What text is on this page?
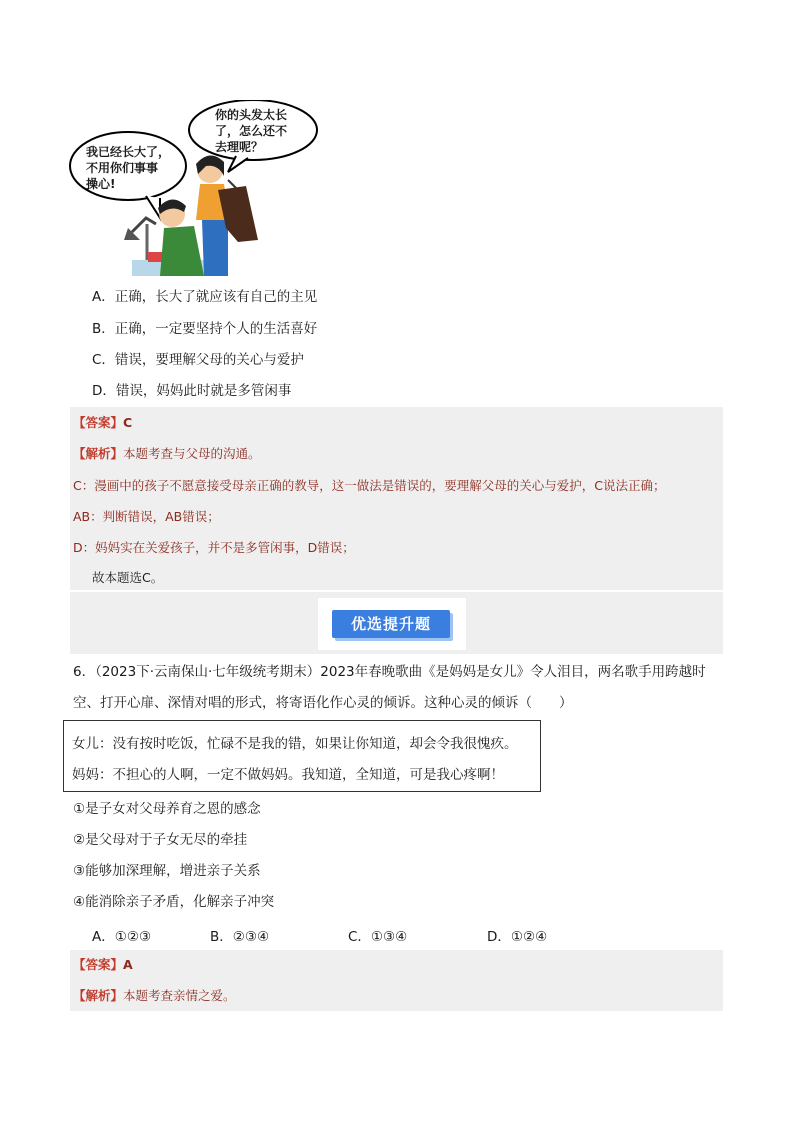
我已经长大了，
不用你们事事
操心!
你的头发太长
了，怎么还不
去理呢？
A．正确，长大了就应该有自己的主见
B．正确，一定要坚持个人的生活喜好
C．错误，要理解父母的关心与爱护
D．错误，妈妈此时就是多管闲事
【答案】C
【解析】本题考查与父母的沟通。
C：漫画中的孩子不愿意接受母亲正确的教导，这一做法是错误的，要理解父母的关心与爱护，C说法正确；
AB：判断错误，AB错误；
D：妈妈实在关爱孩子，并不是多管闲事，D错误；
故本题选C。
优选提升题
6．（2023下·云南保山·七年级统考期末）2023年春晚歌曲《是妈妈是女儿》令人泪目，两名歌手用跨越时
空、打开心扉、深情对唱的形式，将寄语化作心灵的倾诉。这种心灵的倾诉（　　）
女儿：没有按时吃饭，忙碌不是我的错，如果让你知道，却会令我很愧疚。
妈妈：不担心的人啊，一定不做妈妈。我知道，全知道，可是我心疼啊！
①是子女对父母养育之恩的感念
②是父母对于子女无尽的牵挂
③能够加深理解，增进亲子关系
④能消除亲子矛盾，化解亲子冲突
A．①②③	B．②③④	C．①③④	D．①②④
【答案】A
【解析】本题考查亲情之爱。
